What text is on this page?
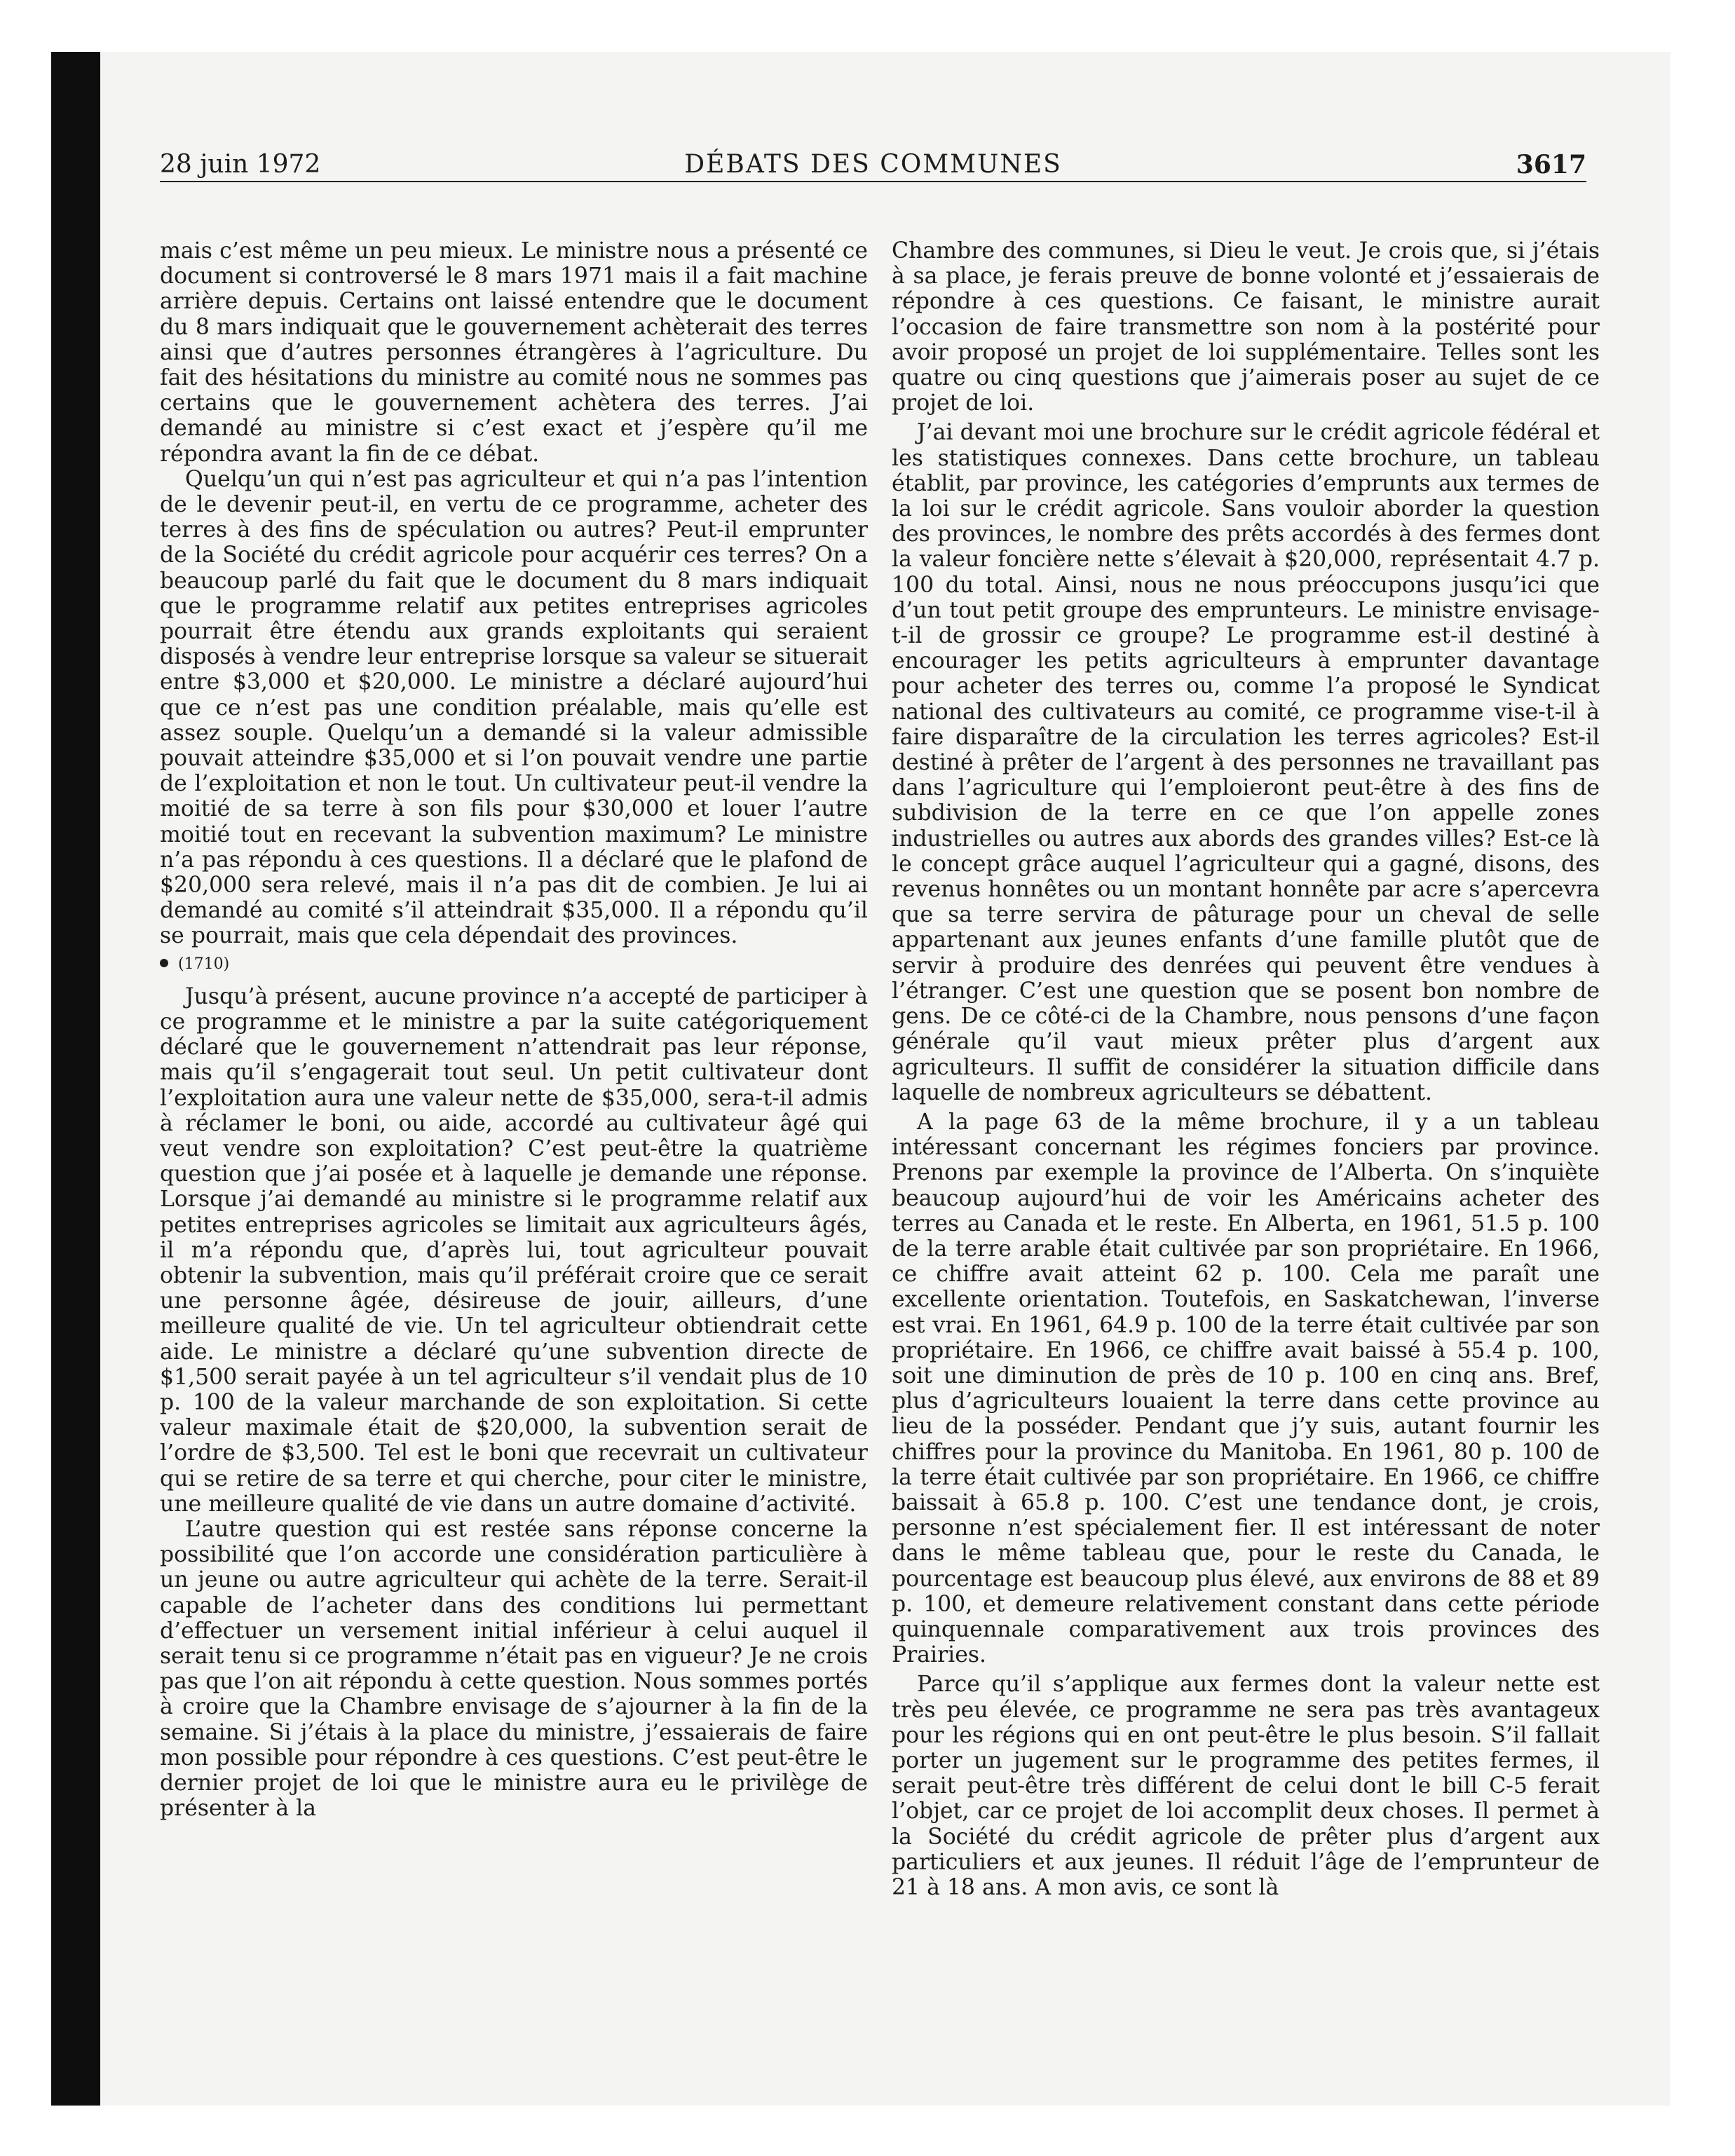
28 juin 1972	DÉBATS DES COMMUNES	3617

mais c’est même un peu mieux. Le ministre nous a présenté ce document si controversé le 8 mars 1971 mais il a fait machine arrière depuis. Certains ont laissé entendre que le document du 8 mars indiquait que le gouvernement achèterait des terres ainsi que d’autres personnes étrangères à l’agriculture. Du fait des hésitations du ministre au comité nous ne sommes pas certains que le gouvernement achètera des terres. J’ai demandé au ministre si c’est exact et j’espère qu’il me répondra avant la fin de ce débat.

Quelqu’un qui n’est pas agriculteur et qui n’a pas l’intention de le devenir peut-il, en vertu de ce programme, acheter des terres à des fins de spéculation ou autres? Peut-il emprunter de la Société du crédit agricole pour acquérir ces terres? On a beaucoup parlé du fait que le document du 8 mars indiquait que le programme relatif aux petites entreprises agricoles pourrait être étendu aux grands exploitants qui seraient disposés à vendre leur entreprise lorsque sa valeur se situerait entre $3,000 et $20,000. Le ministre a déclaré aujourd’hui que ce n’est pas une condition préalable, mais qu’elle est assez souple. Quelqu’un a demandé si la valeur admissible pouvait atteindre $35,000 et si l’on pouvait vendre une partie de l’exploitation et non le tout. Un cultivateur peut-il vendre la moitié de sa terre à son fils pour $30,000 et louer l’autre moitié tout en recevant la subvention maximum? Le ministre n’a pas répondu à ces questions. Il a déclaré que le plafond de $20,000 sera relevé, mais il n’a pas dit de combien. Je lui ai demandé au comité s’il atteindrait $35,000. Il a répondu qu’il se pourrait, mais que cela dépendait des provinces.

(1710)

Jusqu’à présent, aucune province n’a accepté de participer à ce programme et le ministre a par la suite catégoriquement déclaré que le gouvernement n’attendrait pas leur réponse, mais qu’il s’engagerait tout seul. Un petit cultivateur dont l’exploitation aura une valeur nette de $35,000, sera-t-il admis à réclamer le boni, ou aide, accordé au cultivateur âgé qui veut vendre son exploitation? C’est peut-être la quatrième question que j’ai posée et à laquelle je demande une réponse. Lorsque j’ai demandé au ministre si le programme relatif aux petites entreprises agricoles se limitait aux agriculteurs âgés, il m’a répondu que, d’après lui, tout agriculteur pouvait obtenir la subvention, mais qu’il préférait croire que ce serait une personne âgée, désireuse de jouir, ailleurs, d’une meilleure qualité de vie. Un tel agriculteur obtiendrait cette aide. Le ministre a déclaré qu’une subvention directe de $1,500 serait payée à un tel agriculteur s’il vendait plus de 10 p. 100 de la valeur marchande de son exploitation. Si cette valeur maximale était de $20,000, la subvention serait de l’ordre de $3,500. Tel est le boni que recevrait un cultivateur qui se retire de sa terre et qui cherche, pour citer le ministre, une meilleure qualité de vie dans un autre domaine d’activité.

L’autre question qui est restée sans réponse concerne la possibilité que l’on accorde une considération particulière à un jeune ou autre agriculteur qui achète de la terre. Serait-il capable de l’acheter dans des conditions lui permettant d’effectuer un versement initial inférieur à celui auquel il serait tenu si ce programme n’était pas en vigueur? Je ne crois pas que l’on ait répondu à cette question. Nous sommes portés à croire que la Chambre envisage de s’ajourner à la fin de la semaine. Si j’étais à la place du ministre, j’essaierais de faire mon possible pour répondre à ces questions. C’est peut-être le dernier projet de loi que le ministre aura eu le privilège de présenter à la

Chambre des communes, si Dieu le veut. Je crois que, si j’étais à sa place, je ferais preuve de bonne volonté et j’essaierais de répondre à ces questions. Ce faisant, le ministre aurait l’occasion de faire transmettre son nom à la postérité pour avoir proposé un projet de loi supplémentaire. Telles sont les quatre ou cinq questions que j’aimerais poser au sujet de ce projet de loi.

J’ai devant moi une brochure sur le crédit agricole fédéral et les statistiques connexes. Dans cette brochure, un tableau établit, par province, les catégories d’emprunts aux termes de la loi sur le crédit agricole. Sans vouloir aborder la question des provinces, le nombre des prêts accordés à des fermes dont la valeur foncière nette s’élevait à $20,000, représentait 4.7 p. 100 du total. Ainsi, nous ne nous préoccupons jusqu’ici que d’un tout petit groupe des emprunteurs. Le ministre envisage-t-il de grossir ce groupe? Le programme est-il destiné à encourager les petits agriculteurs à emprunter davantage pour acheter des terres ou, comme l’a proposé le Syndicat national des cultivateurs au comité, ce programme vise-t-il à faire disparaître de la circulation les terres agricoles? Est-il destiné à prêter de l’argent à des personnes ne travaillant pas dans l’agriculture qui l’emploieront peut-être à des fins de subdivision de la terre en ce que l’on appelle zones industrielles ou autres aux abords des grandes villes? Est-ce là le concept grâce auquel l’agriculteur qui a gagné, disons, des revenus honnêtes ou un montant honnête par acre s’apercevra que sa terre servira de pâturage pour un cheval de selle appartenant aux jeunes enfants d’une famille plutôt que de servir à produire des denrées qui peuvent être vendues à l’étranger. C’est une question que se posent bon nombre de gens. De ce côté-ci de la Chambre, nous pensons d’une façon générale qu’il vaut mieux prêter plus d’argent aux agriculteurs. Il suffit de considérer la situation difficile dans laquelle de nombreux agriculteurs se débattent.

A la page 63 de la même brochure, il y a un tableau intéressant concernant les régimes fonciers par province. Prenons par exemple la province de l’Alberta. On s’inquiète beaucoup aujourd’hui de voir les Américains acheter des terres au Canada et le reste. En Alberta, en 1961, 51.5 p. 100 de la terre arable était cultivée par son propriétaire. En 1966, ce chiffre avait atteint 62 p. 100. Cela me paraît une excellente orientation. Toutefois, en Saskatchewan, l’inverse est vrai. En 1961, 64.9 p. 100 de la terre était cultivée par son propriétaire. En 1966, ce chiffre avait baissé à 55.4 p. 100, soit une diminution de près de 10 p. 100 en cinq ans. Bref, plus d’agriculteurs louaient la terre dans cette province au lieu de la posséder. Pendant que j’y suis, autant fournir les chiffres pour la province du Manitoba. En 1961, 80 p. 100 de la terre était cultivée par son propriétaire. En 1966, ce chiffre baissait à 65.8 p. 100. C’est une tendance dont, je crois, personne n’est spécialement fier. Il est intéressant de noter dans le même tableau que, pour le reste du Canada, le pourcentage est beaucoup plus élevé, aux environs de 88 et 89 p. 100, et demeure relativement constant dans cette période quinquennale comparativement aux trois provinces des Prairies.

Parce qu’il s’applique aux fermes dont la valeur nette est très peu élevée, ce programme ne sera pas très avantageux pour les régions qui en ont peut-être le plus besoin. S’il fallait porter un jugement sur le programme des petites fermes, il serait peut-être très différent de celui dont le bill C-5 ferait l’objet, car ce projet de loi accomplit deux choses. Il permet à la Société du crédit agricole de prêter plus d’argent aux particuliers et aux jeunes. Il réduit l’âge de l’emprunteur de 21 à 18 ans. A mon avis, ce sont là
